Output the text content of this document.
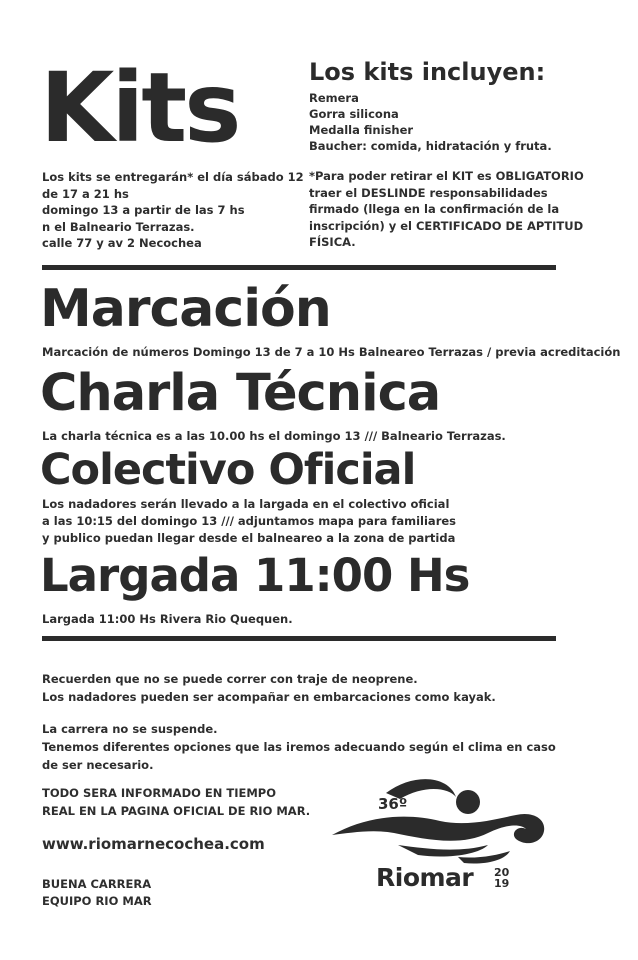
Kits
Los kits se entregarán* el día sábado 12
de 17 a 21 hs
domingo 13 a partir de las 7 hs
n el Balneario Terrazas.
calle 77 y av 2 Necochea
Los kits incluyen:
Remera
Gorra silicona
Medalla finisher
Baucher: comida, hidratación y fruta.
*Para poder retirar el KIT es OBLIGATORIO
traer el DESLINDE responsabilidades
firmado (llega en la confirmación de la
inscripción) y el CERTIFICADO DE APTITUD
FÍSICA.
Marcación
Marcación de números Domingo 13 de 7 a 10 Hs Balneareo Terrazas / previa acreditación
Charla Técnica
La charla técnica es a las 10.00 hs el domingo 13 /// Balneario Terrazas.
Colectivo Oficial
Los nadadores serán llevado a la largada en el colectivo oficial
a las 10:15 del domingo 13 /// adjuntamos mapa para familiares
y publico puedan llegar desde el balneareo a la zona de partida
Largada 11:00 Hs
Largada 11:00 Hs Rivera Rio Quequen.
Recuerden que no se puede correr con traje de neoprene.
Los nadadores pueden ser acompañar en embarcaciones como kayak.
La carrera no se suspende.
Tenemos diferentes opciones que las iremos adecuando según el clima en caso
de ser necesario.
TODO SERA INFORMADO EN TIEMPO
REAL EN LA PAGINA OFICIAL DE RIO MAR.
www.riomarnecochea.com
BUENA CARRERA
EQUIPO RIO MAR
36º
Riomar 20
19
